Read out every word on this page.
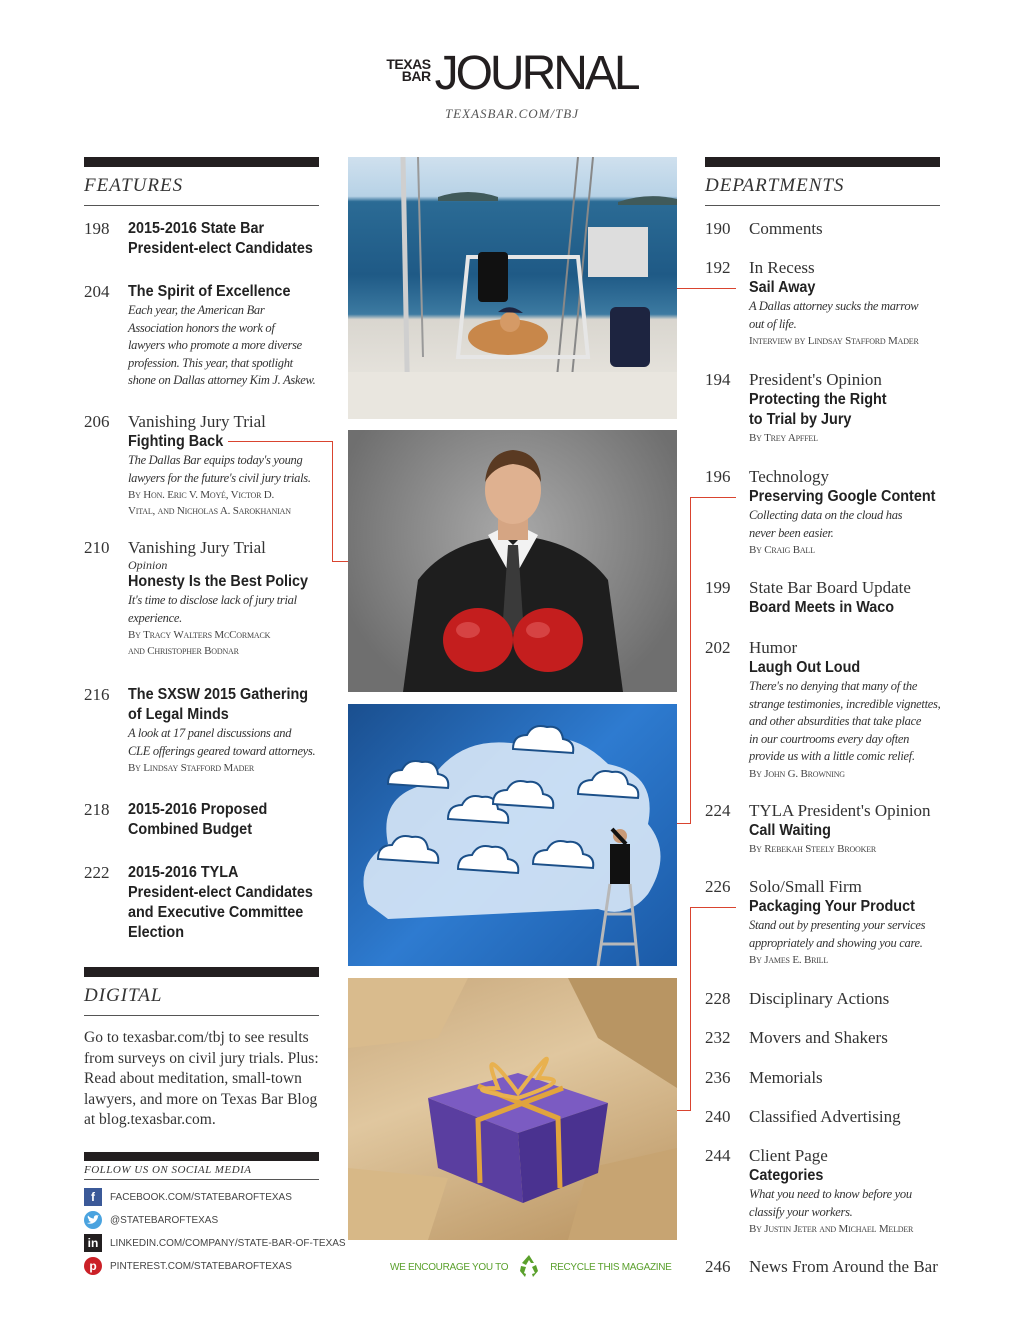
TEXAS
BAR JOURNAL
TEXASBAR.COM/TBJ
FEATURES
198 2015-2016 State Bar
President-elect Candidates
204 The Spirit of Excellence
Each year, the American Bar
Association honors the work of
lawyers who promote a more diverse
profession. This year, that spotlight
shone on Dallas attorney Kim J. Askew.
206 Vanishing Jury Trial
Fighting Back
The Dallas Bar equips today's young
lawyers for the future's civil jury trials.
By Hon. Eric V. Moyé, Victor D.
Vital, and Nicholas A. Sarokhanian
210 Vanishing Jury Trial
Opinion
Honesty Is the Best Policy
It's time to disclose lack of jury trial
experience.
By Tracy Walters McCormack
and Christopher Bodnar
216 The SXSW 2015 Gathering
of Legal Minds
A look at 17 panel discussions and
CLE offerings geared toward attorneys.
By Lindsay Stafford Mader
218 2015-2016 Proposed
Combined Budget
222 2015-2016 TYLA
President-elect Candidates
and Executive Committee
Election
DIGITAL
Go to texasbar.com/tbj to see results from surveys on civil jury trials. Plus: Read about meditation, small-town lawyers, and more on Texas Bar Blog at blog.texasbar.com.
FOLLOW US ON SOCIAL MEDIA
f	FACEBOOK.COM/STATEBAROFTEXAS
@STATEBAROFTEXAS
in	LINKEDIN.COM/COMPANY/STATE-BAR-OF-TEXAS
p	PINTEREST.COM/STATEBAROFTEXAS	WE ENCOURAGE YOU TO	RECYCLE THIS MAGAZINE
DEPARTMENTS
190 Comments
192 In Recess
Sail Away
A Dallas attorney sucks the marrow
out of life.
Interview by Lindsay Stafford Mader
194 President's Opinion
Protecting the Right
to Trial by Jury
By Trey Apffel
196 Technology
Preserving Google Content
Collecting data on the cloud has
never been easier.
By Craig Ball
199 State Bar Board Update
Board Meets in Waco
202 Humor
Laugh Out Loud
There's no denying that many of the
strange testimonies, incredible vignettes,
and other absurdities that take place
in our courtrooms every day often
provide us with a little comic relief.
By John G. Browning
224 TYLA President's Opinion
Call Waiting
By Rebekah Steely Brooker
226 Solo/Small Firm
Packaging Your Product
Stand out by presenting your services
appropriately and showing you care.
By James E. Brill
228 Disciplinary Actions
232 Movers and Shakers
236 Memorials
240 Classified Advertising
244 Client Page
Categories
What you need to know before you
classify your workers.
By Justin Jeter and Michael Melder
246 News From Around the Bar
